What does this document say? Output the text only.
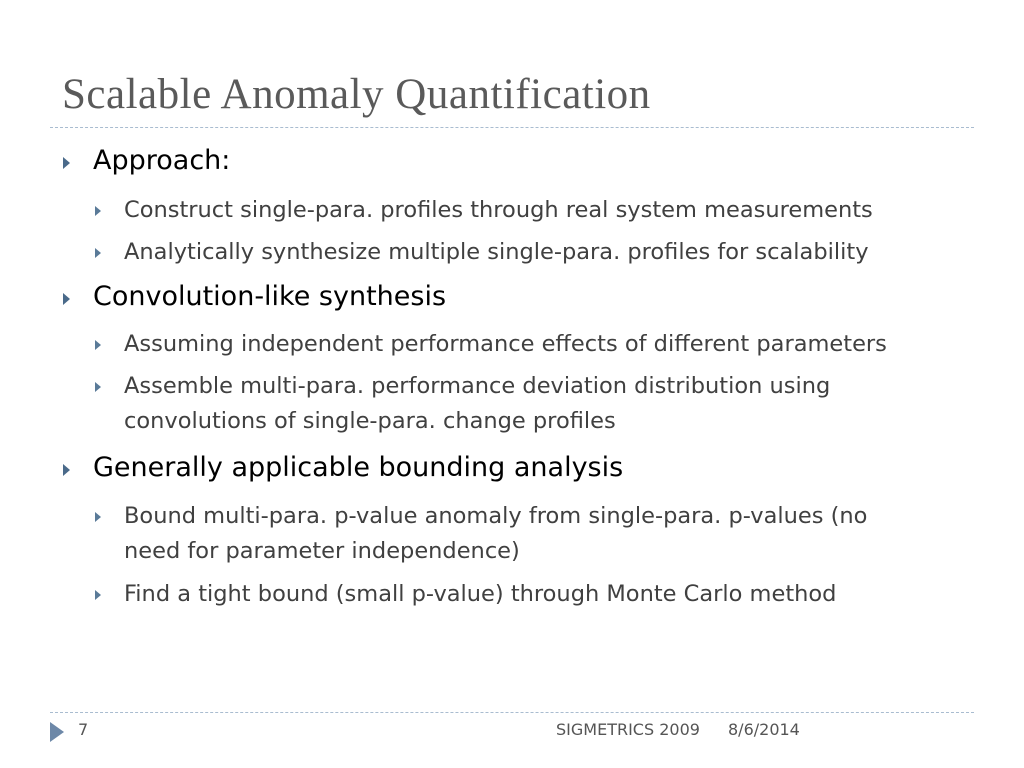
Scalable Anomaly Quantification

Approach:

Construct single-para. profiles through real system measurements

Analytically synthesize multiple single-para. profiles for scalability

Convolution-like synthesis

Assuming independent performance effects of different parameters

Assemble multi-para. performance deviation distribution using convolutions of single-para. change profiles

Generally applicable bounding analysis

Bound multi-para. p-value anomaly from single-para. p-values (no need for parameter independence)

Find a tight bound (small p-value) through Monte Carlo method

7	SIGMETRICS 2009 8/6/2014
